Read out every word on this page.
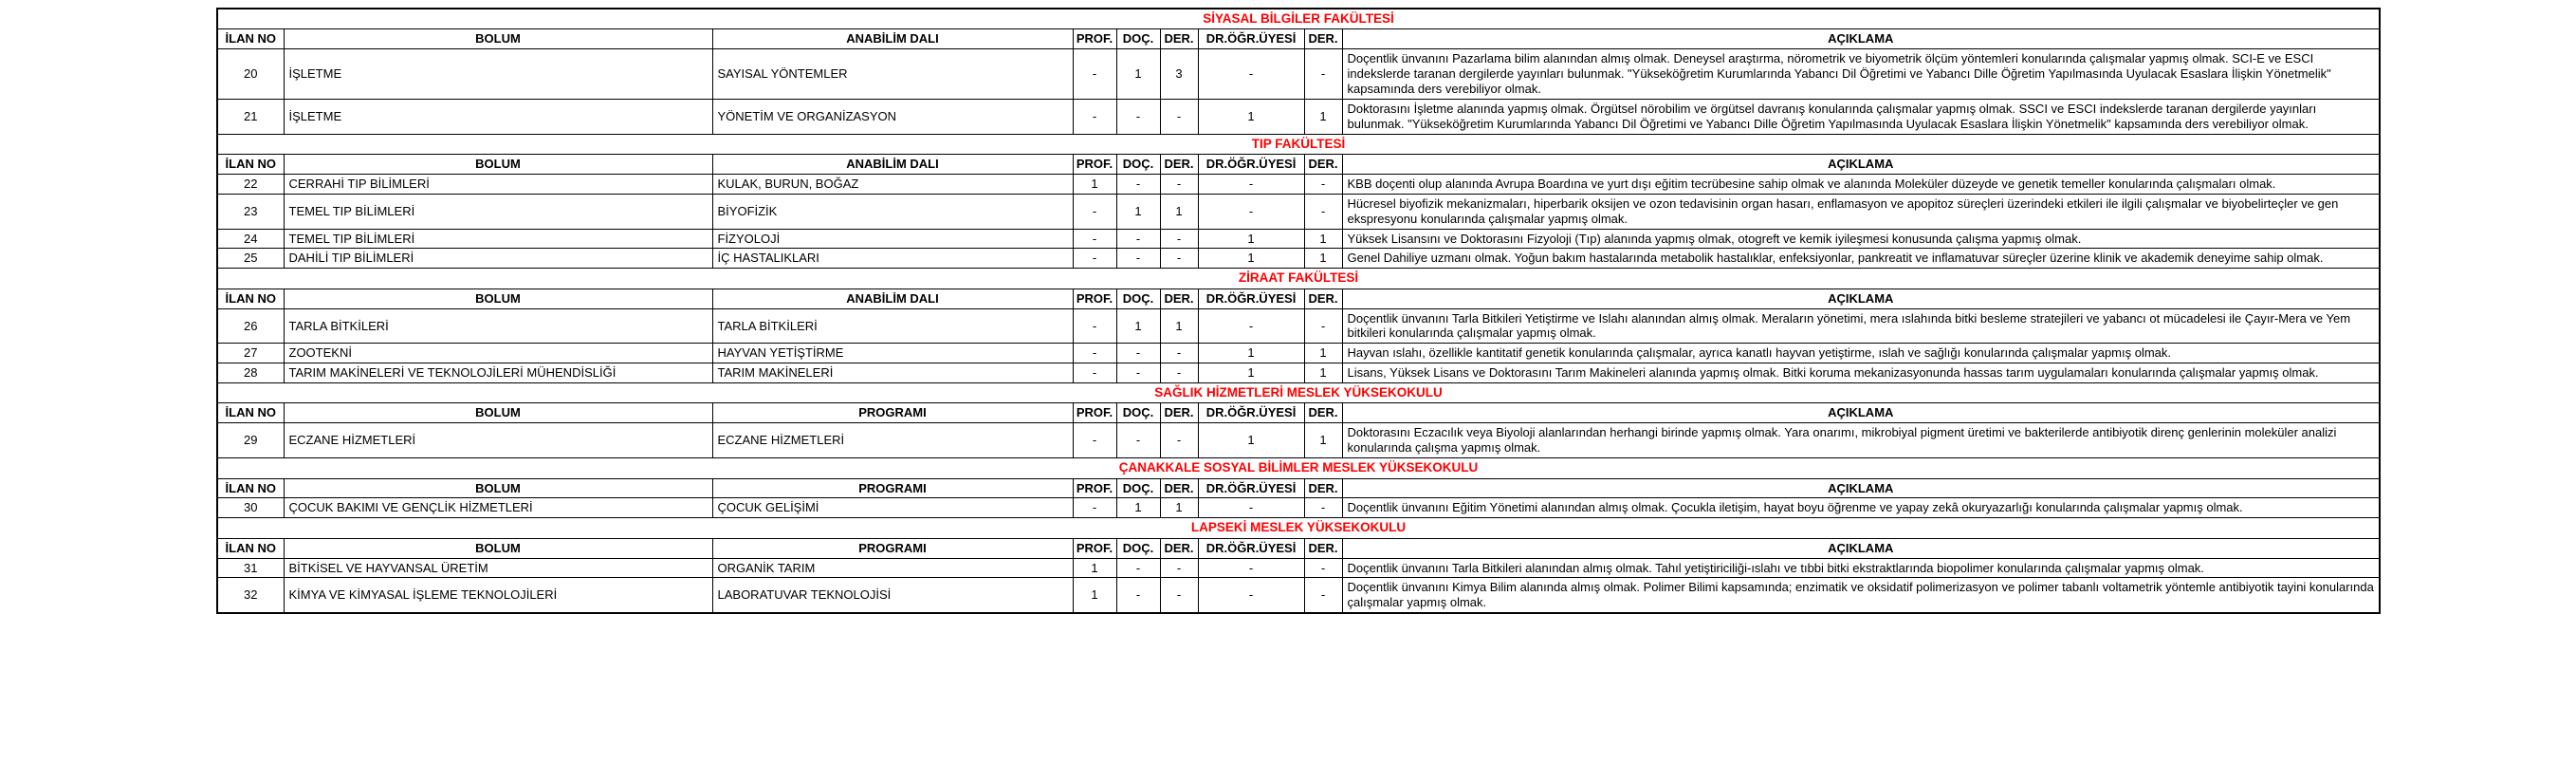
SİYASAL BİLGİLER FAKÜLTESİ								
İLAN NO	BOLUM	ANABİLİM DALI	PROF.	DOÇ.	DER.	DR.ÖĞR.ÜYESİ	DER.	AÇIKLAMA
20	İŞLETME	SAYISAL YÖNTEMLER	-	1	3	-	-	Doçentlik ünvanını Pazarlama bilim alanından almış olmak. Deneysel araştırma, nörometrik ve biyometrik ölçüm yöntemleri konularında çalışmalar yapmış olmak. SCI-E ve ESCI indekslerde taranan dergilerde yayınları bulunmak. "Yükseköğretim Kurumlarında Yabancı Dil Öğretimi ve Yabancı Dille Öğretim Yapılmasında Uyulacak Esaslara İlişkin Yönetmelik" kapsamında ders verebiliyor olmak.
21	İŞLETME	YÖNETİM VE ORGANİZASYON	-	-	-	1	1	Doktorasını İşletme alanında yapmış olmak. Örgütsel nörobilim ve örgütsel davranış konularında çalışmalar yapmış olmak. SSCI ve ESCI indekslerde taranan dergilerde yayınları bulunmak. "Yükseköğretim Kurumlarında Yabancı Dil Öğretimi ve Yabancı Dille Öğretim Yapılmasında Uyulacak Esaslara İlişkin Yönetmelik" kapsamında ders verebiliyor olmak.
TIP FAKÜLTESİ								
İLAN NO	BOLUM	ANABİLİM DALI	PROF.	DOÇ.	DER.	DR.ÖĞR.ÜYESİ	DER.	AÇIKLAMA
22	CERRAHİ TIP BİLİMLERİ	KULAK, BURUN, BOĞAZ	1	-	-	-	-	KBB doçenti olup alanında Avrupa Boardına ve yurt dışı eğitim tecrübesine sahip olmak ve alanında Moleküler düzeyde ve genetik temeller konularında çalışmaları olmak.
23	TEMEL TIP BİLİMLERİ	BİYOFİZİK	-	1	1	-	-	Hücresel biyofizik mekanizmaları, hiperbarik oksijen ve ozon tedavisinin organ hasarı, enflamasyon ve apopitoz süreçleri üzerindeki etkileri ile ilgili çalışmalar ve biyobelirteçler ve gen ekspresyonu konularında çalışmalar yapmış olmak.
24	TEMEL TIP BİLİMLERİ	FİZYOLOJİ	-	-	-	1	1	Yüksek Lisansını ve Doktorasını Fizyoloji (Tıp) alanında yapmış olmak, otogreft ve kemik iyileşmesi konusunda çalışma yapmış olmak.
25	DAHİLİ TIP BİLİMLERİ	İÇ HASTALIKLARI	-	-	-	1	1	Genel Dahiliye uzmanı olmak. Yoğun bakım hastalarında metabolik hastalıklar, enfeksiyonlar, pankreatit ve inflamatuvar süreçler üzerine klinik ve akademik deneyime sahip olmak.
ZİRAAT FAKÜLTESİ								
İLAN NO	BOLUM	ANABİLİM DALI	PROF.	DOÇ.	DER.	DR.ÖĞR.ÜYESİ	DER.	AÇIKLAMA
26	TARLA BİTKİLERİ	TARLA BİTKİLERİ	-	1	1	-	-	Doçentlik ünvanını Tarla Bitkileri Yetiştirme ve Islahı alanından almış olmak. Meraların yönetimi, mera ıslahında bitki besleme stratejileri ve yabancı ot mücadelesi ile Çayır-Mera ve Yem bitkileri konularında çalışmalar yapmış olmak.
27	ZOOTEKNİ	HAYVAN YETİŞTİRME	-	-	-	1	1	Hayvan ıslahı, özellikle kantitatif genetik konularında çalışmalar, ayrıca kanatlı hayvan yetiştirme, ıslah ve sağlığı konularında çalışmalar yapmış olmak.
28	TARIM MAKİNELERİ VE TEKNOLOJİLERİ MÜHENDİSLİĞİ	TARIM MAKİNELERİ	-	-	-	1	1	Lisans, Yüksek Lisans ve Doktorasını Tarım Makineleri alanında yapmış olmak. Bitki koruma mekanizasyonunda hassas tarım uygulamaları konularında çalışmalar yapmış olmak.
SAĞLIK HİZMETLERİ MESLEK YÜKSEKOKULU								
İLAN NO	BOLUM	PROGRAMI	PROF.	DOÇ.	DER.	DR.ÖĞR.ÜYESİ	DER.	AÇIKLAMA
29	ECZANE HİZMETLERİ	ECZANE HİZMETLERİ	-	-	-	1	1	Doktorasını Eczacılık veya Biyoloji alanlarından herhangi birinde yapmış olmak. Yara onarımı, mikrobiyal pigment üretimi ve bakterilerde antibiyotik direnç genlerinin moleküler analizi konularında çalışma yapmış olmak.
ÇANAKKALE SOSYAL BİLİMLER MESLEK YÜKSEKOKULU								
İLAN NO	BOLUM	PROGRAMI	PROF.	DOÇ.	DER.	DR.ÖĞR.ÜYESİ	DER.	AÇIKLAMA
30	ÇOCUK BAKIMI VE GENÇLİK HİZMETLERİ	ÇOCUK GELİŞİMİ	-	1	1	-	-	Doçentlik ünvanını Eğitim Yönetimi alanından almış olmak. Çocukla iletişim, hayat boyu öğrenme ve yapay zekâ okuryazarlığı konularında çalışmalar yapmış olmak.
LAPSEKİ MESLEK YÜKSEKOKULU								
İLAN NO	BOLUM	PROGRAMI	PROF.	DOÇ.	DER.	DR.ÖĞR.ÜYESİ	DER.	AÇIKLAMA
31	BİTKİSEL VE HAYVANSAL ÜRETİM	ORGANİK TARIM	1	-	-	-	-	Doçentlik ünvanını Tarla Bitkileri alanından almış olmak. Tahıl yetiştiriciliği-ıslahı ve tıbbi bitki ekstraktlarında biopolimer konularında çalışmalar yapmış olmak.
32	KİMYA VE KİMYASAL İŞLEME TEKNOLOJİLERİ	LABORATUVAR TEKNOLOJİSİ	1	-	-	-	-	Doçentlik ünvanını Kimya Bilim alanında almış olmak. Polimer Bilimi kapsamında; enzimatik ve oksidatif polimerizasyon ve polimer tabanlı voltametrik yöntemle antibiyotik tayini konularında çalışmalar yapmış olmak.
